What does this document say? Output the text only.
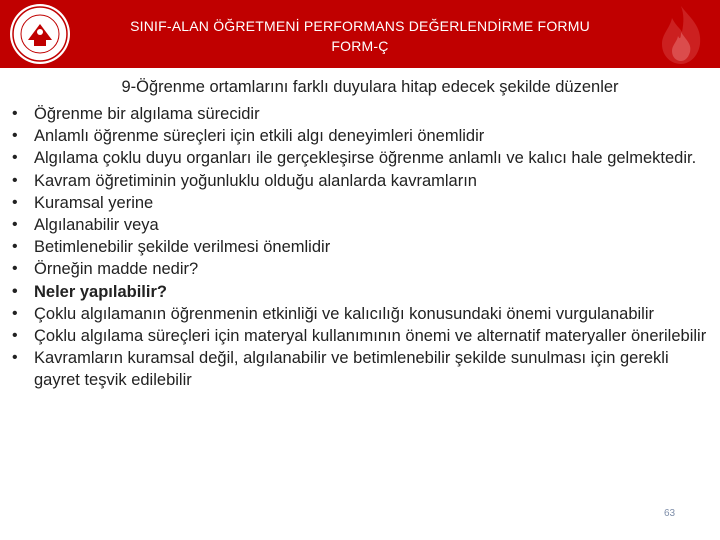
SINIF-ALAN ÖĞRETMENİ PERFORMANS DEĞERLENDİRME FORMU
FORM-Ç
9-Öğrenme ortamlarını farklı duyulara hitap edecek şekilde düzenler
• Öğrenme bir algılama sürecidir
• Anlamlı öğrenme süreçleri için etkili algı deneyimleri önemlidir
• Algılama çoklu duyu organları ile gerçekleşirse öğrenme anlamlı ve kalıcı hale gelmektedir.
• Kavram öğretiminin yoğunluklu olduğu alanlarda kavramların
• Kuramsal yerine
• Algılanabilir veya
• Betimlenebilir şekilde verilmesi önemlidir
• Örneğin madde nedir?
• Neler yapılabilir?
• Çoklu algılamanın öğrenmenin etkinliği ve kalıcılığı konusundaki önemi vurgulanabilir
• Çoklu algılama süreçleri için materyal kullanımının önemi ve alternatif materyaller önerilebilir
• Kavramların kuramsal değil, algılanabilir ve betimlenebilir şekilde sunulması için gerekli gayret teşvik edilebilir
63
